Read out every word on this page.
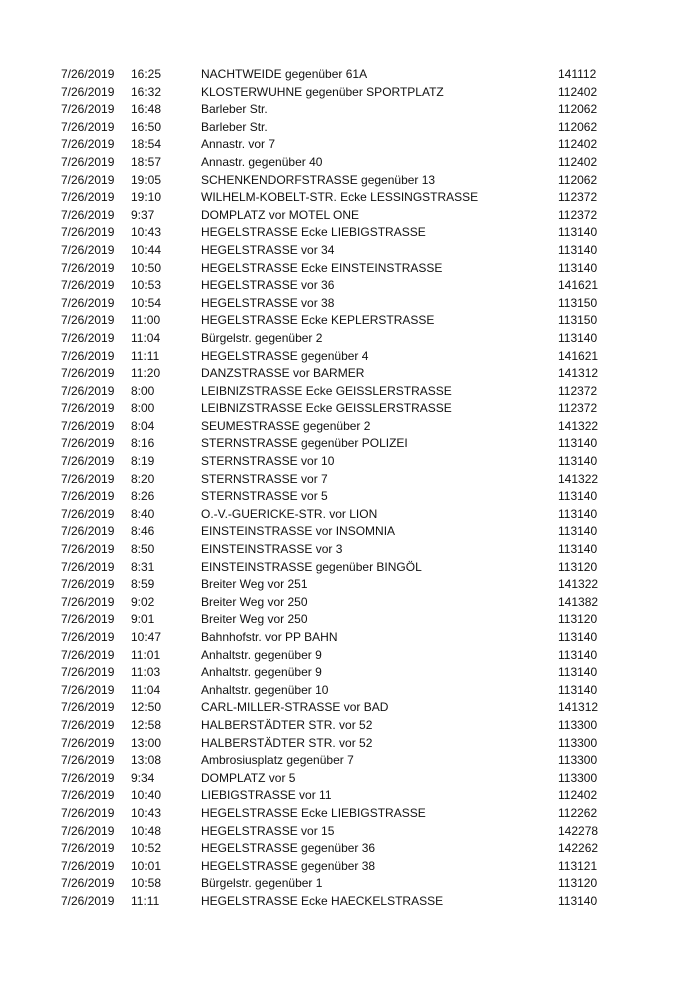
7/26/2019 16:25	NACHTWEIDE gegenüber 61A	141112
7/26/2019 16:32	KLOSTERWUHNE gegenüber SPORTPLATZ	112402
7/26/2019 16:48	Barleber Str.	112062
7/26/2019 16:50	Barleber Str.	112062
7/26/2019 18:54	Annastr. vor 7	112402
7/26/2019 18:57	Annastr. gegenüber 40	112402
7/26/2019 19:05	SCHENKENDORFSTRASSE gegenüber 13	112062
7/26/2019 19:10	WILHELM-KOBELT-STR. Ecke LESSINGSTRASSE	112372
7/26/2019 9:37	DOMPLATZ vor MOTEL ONE	112372
7/26/2019 10:43	HEGELSTRASSE Ecke LIEBIGSTRASSE	113140
7/26/2019 10:44	HEGELSTRASSE vor 34	113140
7/26/2019 10:50	HEGELSTRASSE Ecke EINSTEINSTRASSE	113140
7/26/2019 10:53	HEGELSTRASSE vor 36	141621
7/26/2019 10:54	HEGELSTRASSE vor 38	113150
7/26/2019 11:00	HEGELSTRASSE Ecke KEPLERSTRASSE	113150
7/26/2019 11:04	Bürgelstr. gegenüber 2	113140
7/26/2019 11:11	HEGELSTRASSE gegenüber 4	141621
7/26/2019 11:20	DANZSTRASSE vor BARMER	141312
7/26/2019 8:00	LEIBNIZSTRASSE Ecke GEISSLERSTRASSE	112372
7/26/2019 8:00	LEIBNIZSTRASSE Ecke GEISSLERSTRASSE	112372
7/26/2019 8:04	SEUMESTRASSE gegenüber 2	141322
7/26/2019 8:16	STERNSTRASSE gegenüber POLIZEI	113140
7/26/2019 8:19	STERNSTRASSE vor 10	113140
7/26/2019 8:20	STERNSTRASSE vor 7	141322
7/26/2019 8:26	STERNSTRASSE vor 5	113140
7/26/2019 8:40	O.-V.-GUERICKE-STR. vor LION	113140
7/26/2019 8:46	EINSTEINSTRASSE vor INSOMNIA	113140
7/26/2019 8:50	EINSTEINSTRASSE vor 3	113140
7/26/2019 8:31	EINSTEINSTRASSE gegenüber BINGÖL	113120
7/26/2019 8:59	Breiter Weg vor 251	141322
7/26/2019 9:02	Breiter Weg vor 250	141382
7/26/2019 9:01	Breiter Weg vor 250	113120
7/26/2019 10:47	Bahnhofstr. vor PP BAHN	113140
7/26/2019 11:01	Anhaltstr. gegenüber 9	113140
7/26/2019 11:03	Anhaltstr. gegenüber 9	113140
7/26/2019 11:04	Anhaltstr. gegenüber 10	113140
7/26/2019 12:50	CARL-MILLER-STRASSE vor BAD	141312
7/26/2019 12:58	HALBERSTÄDTER STR. vor 52	113300
7/26/2019 13:00	HALBERSTÄDTER STR. vor 52	113300
7/26/2019 13:08	Ambrosiusplatz gegenüber 7	113300
7/26/2019 9:34	DOMPLATZ vor 5	113300
7/26/2019 10:40	LIEBIGSTRASSE vor 11	112402
7/26/2019 10:43	HEGELSTRASSE Ecke LIEBIGSTRASSE	112262
7/26/2019 10:48	HEGELSTRASSE vor 15	142278
7/26/2019 10:52	HEGELSTRASSE gegenüber 36	142262
7/26/2019 10:01	HEGELSTRASSE gegenüber 38	113121
7/26/2019 10:58	Bürgelstr. gegenüber 1	113120
7/26/2019 11:11	HEGELSTRASSE Ecke HAECKELSTRASSE	113140
